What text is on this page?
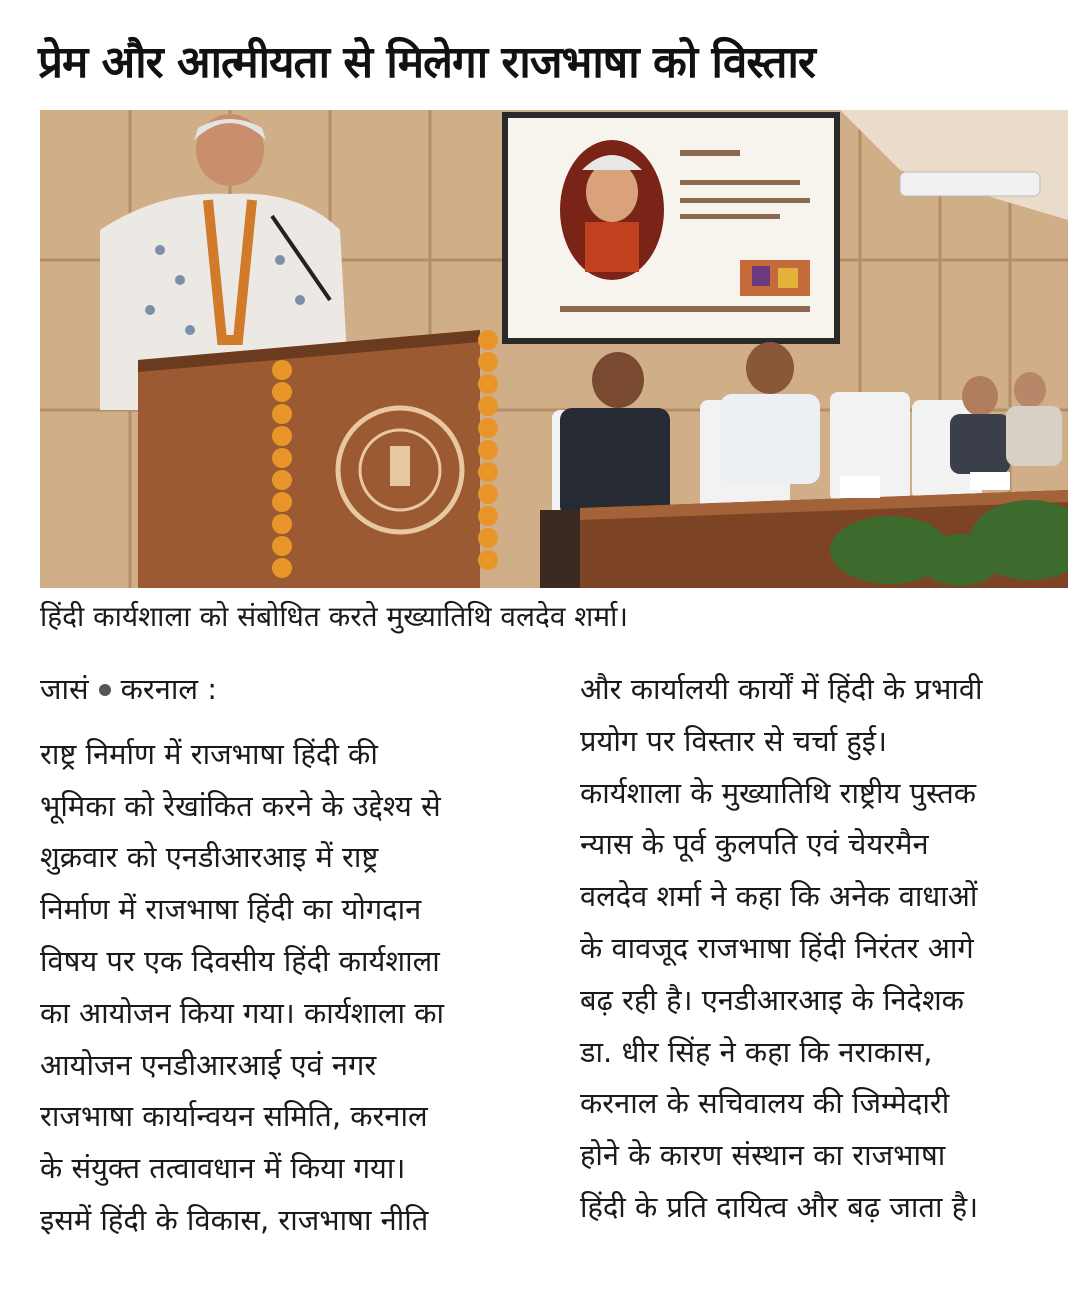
प्रेम और आत्मीयता से मिलेगा राजभाषा को विस्तार
हिंदी कार्यशाला को संबोधित करते मुख्यातिथि वलदेव शर्मा।

जासं करनाल :

राष्ट्र निर्माण में राजभाषा हिंदी की

भूमिका को रेखांकित करने के उद्देश्य से

शुक्रवार को एनडीआरआइ में राष्ट्र

निर्माण में राजभाषा हिंदी का योगदान

विषय पर एक दिवसीय हिंदी कार्यशाला

का आयोजन किया गया। कार्यशाला का

आयोजन एनडीआरआई एवं नगर

राजभाषा कार्यान्वयन समिति, करनाल

के संयुक्त तत्वावधान में किया गया।

इसमें हिंदी के विकास, राजभाषा नीति

और कार्यालयी कार्यों में हिंदी के प्रभावी

प्रयोग पर विस्तार से चर्चा हुई।

कार्यशाला के मुख्यातिथि राष्ट्रीय पुस्तक

न्यास के पूर्व कुलपति एवं चेयरमैन

वलदेव शर्मा ने कहा कि अनेक वाधाओं

के वावजूद राजभाषा हिंदी निरंतर आगे

बढ़ रही है। एनडीआरआइ के निदेशक

डा. धीर सिंह ने कहा कि नराकास,

करनाल के सचिवालय की जिम्मेदारी

होने के कारण संस्थान का राजभाषा

हिंदी के प्रति दायित्व और बढ़ जाता है।
